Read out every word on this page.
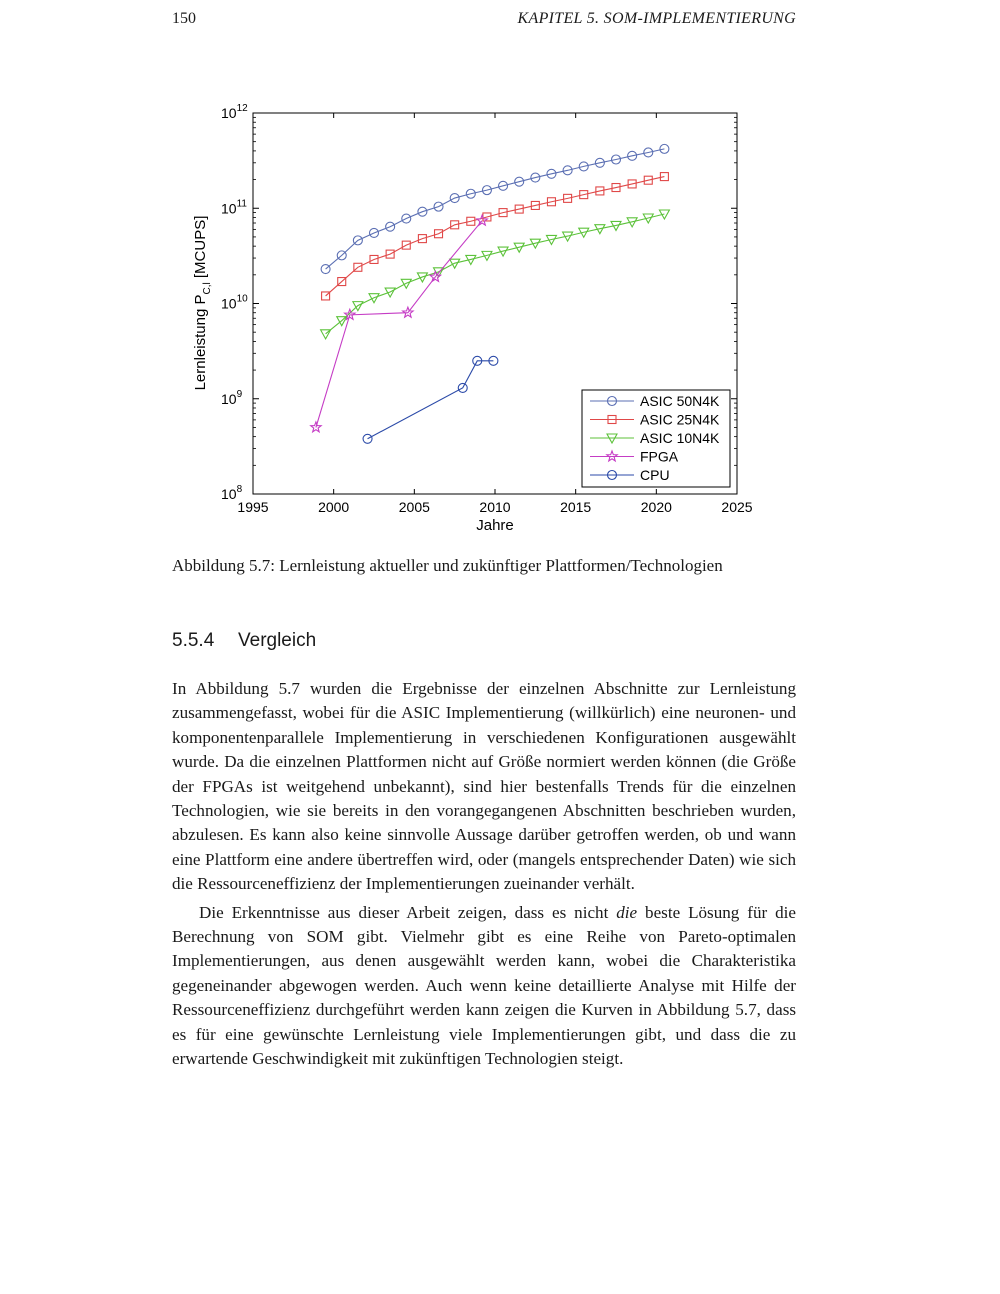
150	KAPITEL 5. SOM-IMPLEMENTIERUNG
1995	2000	2005	2010	2015	2020	2025
$10^8$
$10^9$
$10^{10}$
$10^{11}$
$10^{12}$
Jahre
Lernleistung $P_{C,l}$ [MCUPS]
ASIC 50N4K
ASIC 25N4K
ASIC 10N4K
FPGA
CPU
Abbildung 5.7: Lernleistung aktueller und zukünftiger Plattformen/Technologien
5.5.4 Vergleich

In Abbildung 5.7 wurden die Ergebnisse der einzelnen Abschnitte zur Lernleistung zusammengefasst, wobei für die ASIC Implementierung (willkürlich) eine neuronen- und komponentenparallele Implementierung in verschiedenen Konfigurationen ausgewählt wurde. Da die einzelnen Plattformen nicht auf Größe normiert werden können (die Größe der FPGAs ist weitgehend unbekannt), sind hier bestenfalls Trends für die einzelnen Technologien, wie sie bereits in den vorangegangenen Abschnitten beschrieben wurden, abzulesen. Es kann also keine sinnvolle Aussage darüber getroffen werden, ob und wann eine Plattform eine andere übertreffen wird, oder (mangels entsprechender Daten) wie sich die Ressourceneffizienz der Implementierungen zueinander verhält.

Die Erkenntnisse aus dieser Arbeit zeigen, dass es nicht die beste Lösung für die Berechnung von SOM gibt. Vielmehr gibt es eine Reihe von Pareto-optimalen Implementierungen, aus denen ausgewählt werden kann, wobei die Charakteristika gegeneinander abgewogen werden. Auch wenn keine detaillierte Analyse mit Hilfe der Ressourceneffizienz durchgeführt werden kann zeigen die Kurven in Abbildung 5.7, dass es für eine gewünschte Lernleistung viele Implementierungen gibt, und dass die zu erwartende Geschwindigkeit mit zukünftigen Technologien steigt.
